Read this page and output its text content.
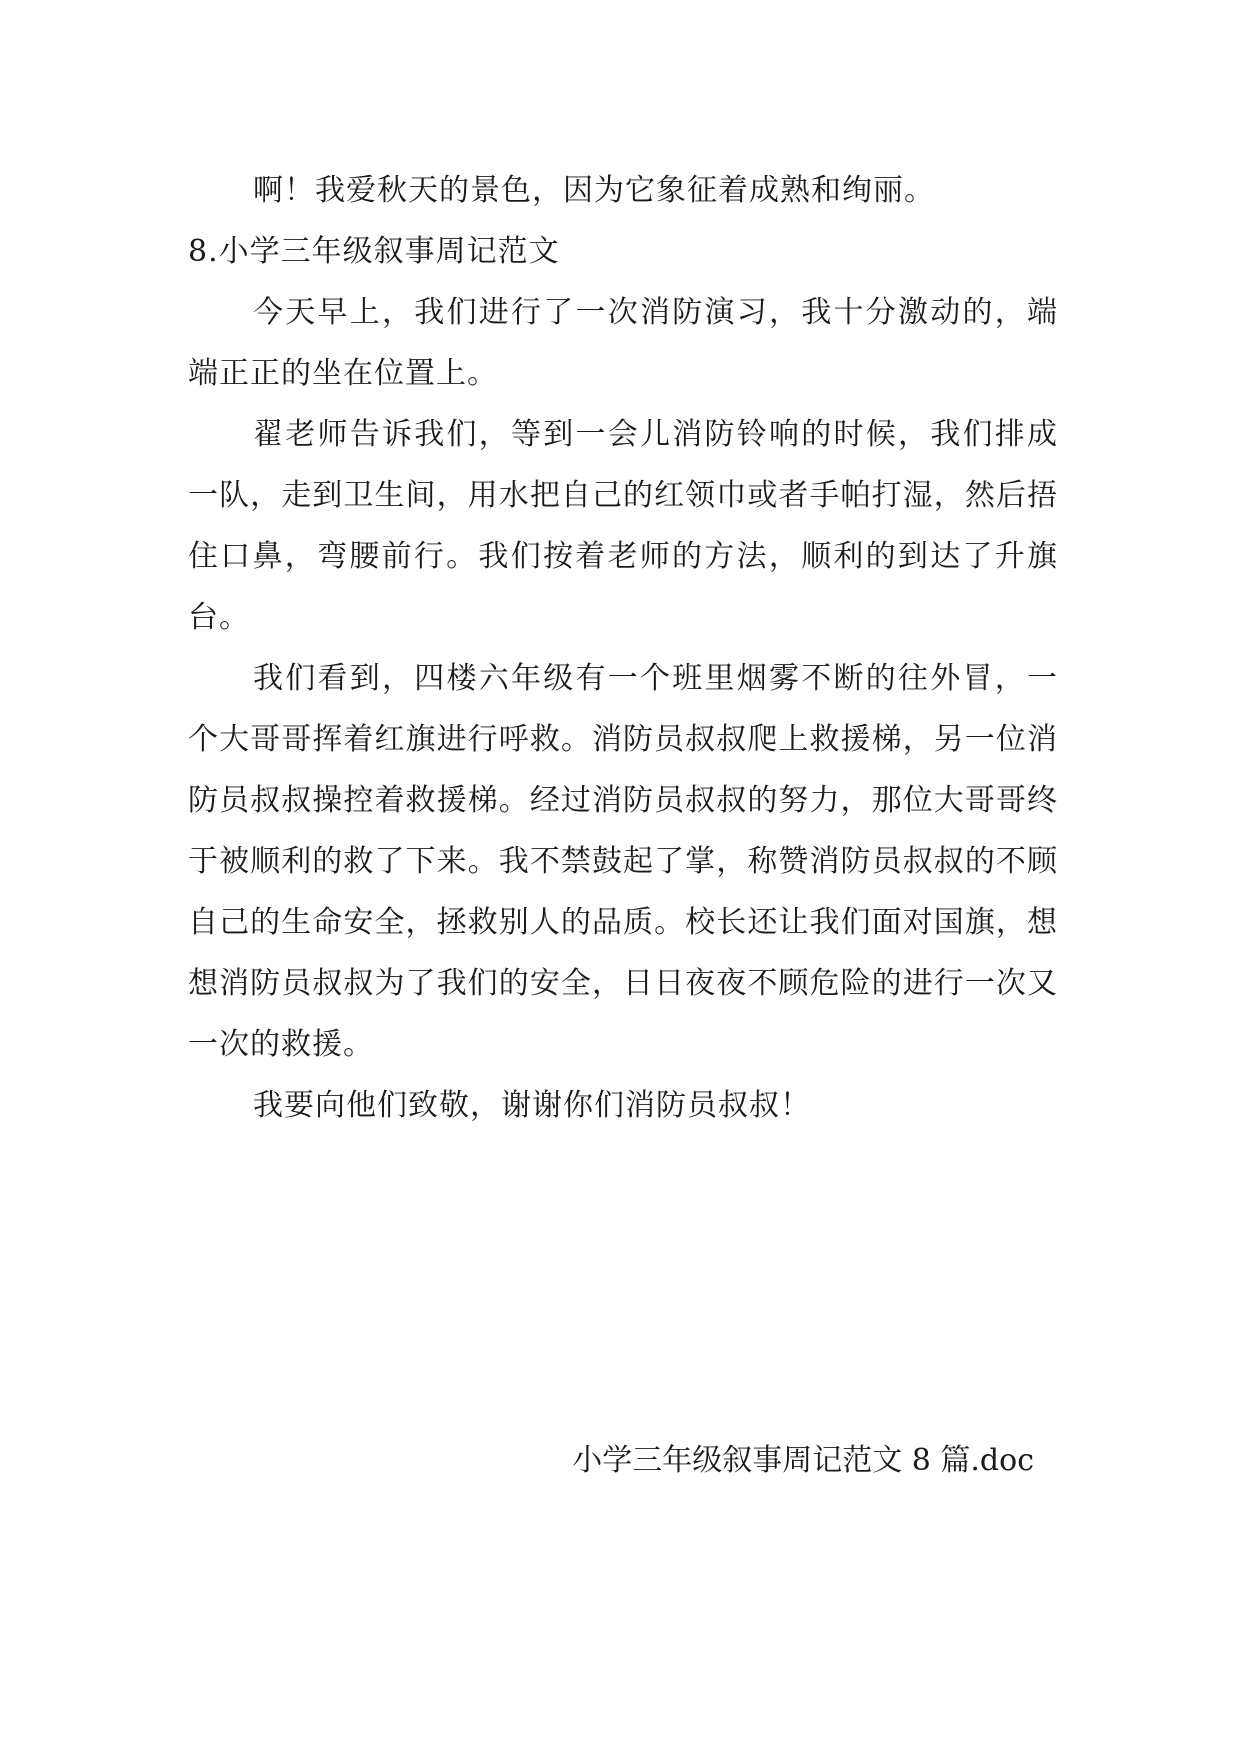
啊！我爱秋天的景色，因为它象征着成熟和绚丽。

8.小学三年级叙事周记范文

今天早上，我们进行了一次消防演习，我十分激动的，端端正正的坐在位置上。

翟老师告诉我们，等到一会儿消防铃响的时候，我们排成一队，走到卫生间，用水把自己的红领巾或者手帕打湿，然后捂住口鼻，弯腰前行。我们按着老师的方法，顺利的到达了升旗台。

我们看到，四楼六年级有一个班里烟雾不断的往外冒，一个大哥哥挥着红旗进行呼救。消防员叔叔爬上救援梯，另一位消防员叔叔操控着救援梯。经过消防员叔叔的努力，那位大哥哥终于被顺利的救了下来。我不禁鼓起了掌，称赞消防员叔叔的不顾自己的生命安全，拯救别人的品质。校长还让我们面对国旗，想想消防员叔叔为了我们的安全，日日夜夜不顾危险的进行一次又一次的救援。

我要向他们致敬，谢谢你们消防员叔叔！

小学三年级叙事周记范文 8 篇.doc
